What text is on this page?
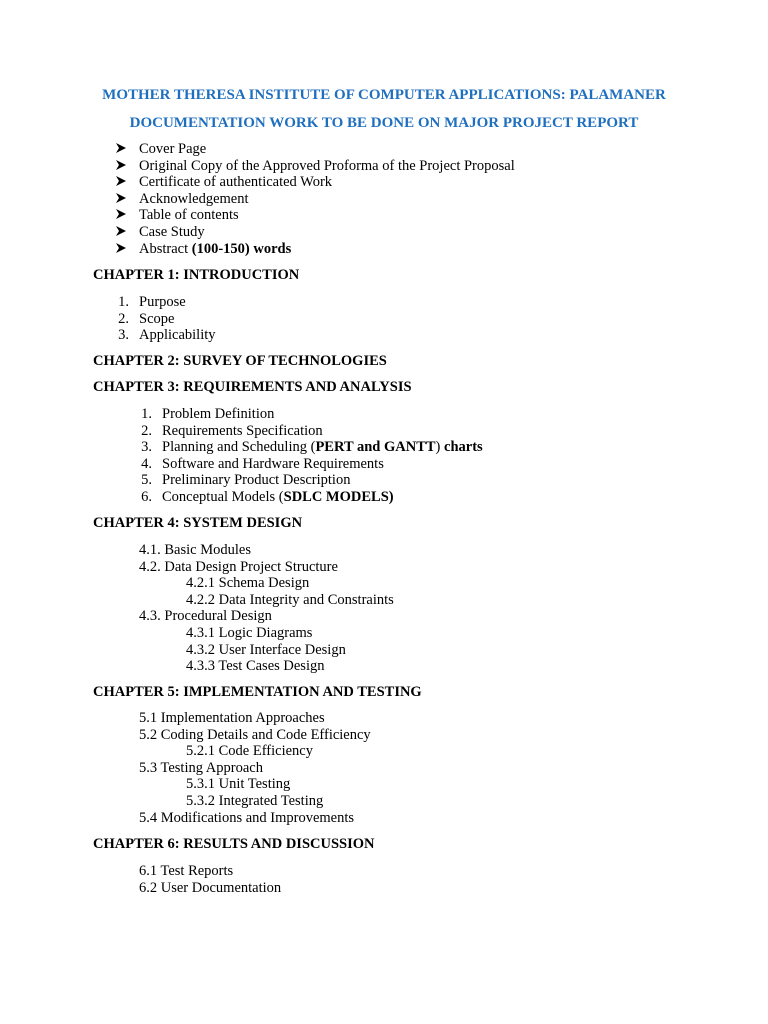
MOTHER THERESA INSTITUTE OF COMPUTER APPLICATIONS: PALAMANER
DOCUMENTATION WORK TO BE DONE ON MAJOR PROJECT REPORT
Cover Page
Original Copy of the Approved Proforma of the Project Proposal
Certificate of authenticated Work
Acknowledgement
Table of contents
Case Study
Abstract (100-150) words
CHAPTER 1: INTRODUCTION
1. Purpose
2. Scope
3. Applicability
CHAPTER 2: SURVEY OF TECHNOLOGIES
CHAPTER 3: REQUIREMENTS AND ANALYSIS
1. Problem Definition
2. Requirements Specification
3. Planning and Scheduling (PERT and GANTT) charts
4. Software and Hardware Requirements
5. Preliminary Product Description
6. Conceptual Models (SDLC MODELS)
CHAPTER 4: SYSTEM DESIGN
4.1. Basic Modules
4.2. Data Design Project Structure
4.2.1 Schema Design
4.2.2 Data Integrity and Constraints
4.3. Procedural Design
4.3.1 Logic Diagrams
4.3.2 User Interface Design
4.3.3 Test Cases Design
CHAPTER 5: IMPLEMENTATION AND TESTING
5.1 Implementation Approaches
5.2 Coding Details and Code Efficiency
5.2.1 Code Efficiency
5.3 Testing Approach
5.3.1 Unit Testing
5.3.2 Integrated Testing
5.4 Modifications and Improvements
CHAPTER 6: RESULTS AND DISCUSSION
6.1 Test Reports
6.2 User Documentation
